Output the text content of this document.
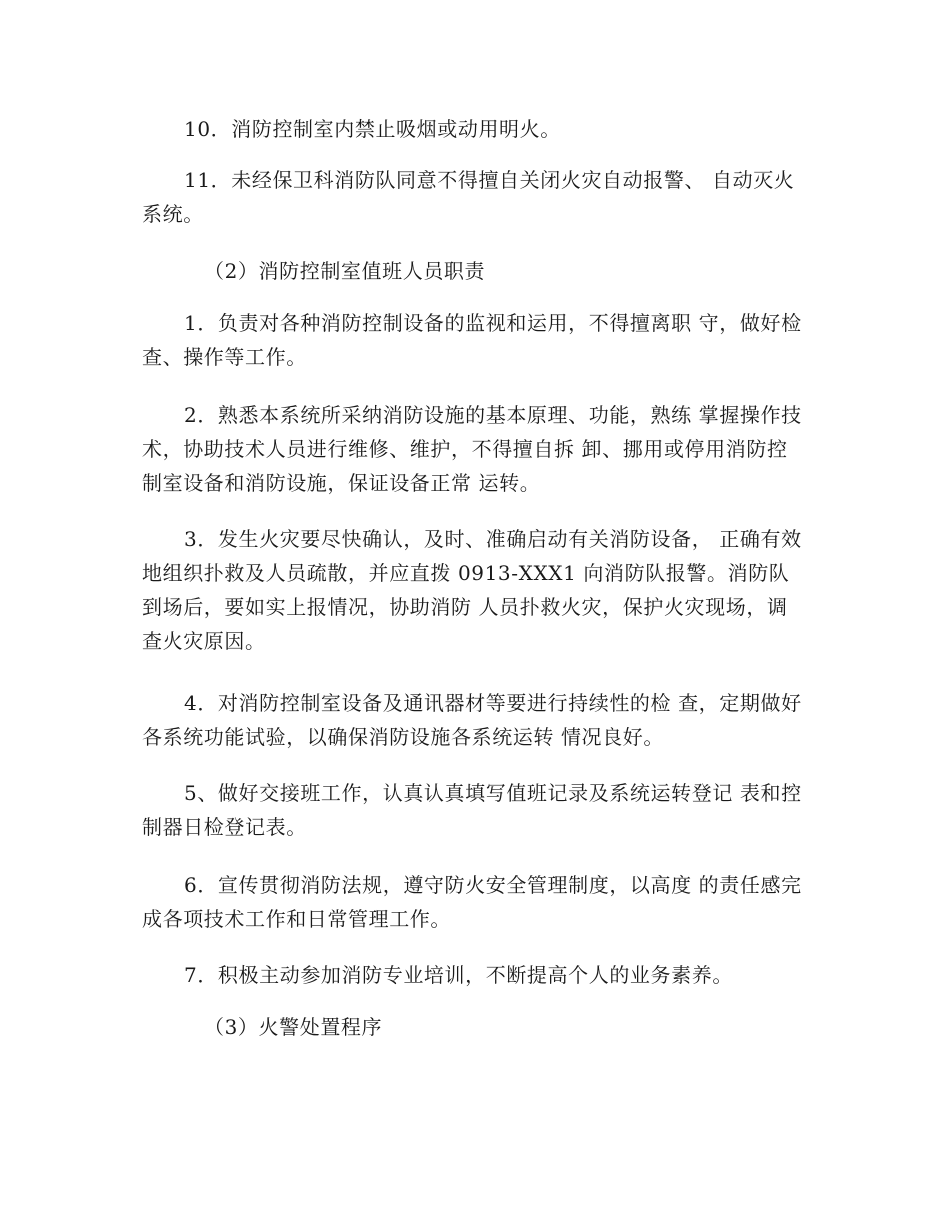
10．消防控制室内禁止吸烟或动用明火。

11．未经保卫科消防队同意不得擅自关闭火灾自动报警、 自动灭火系统。

（2）消防控制室值班人员职责

1．负责对各种消防控制设备的监视和运用，不得擅离职 守，做好检查、操作等工作。

2．熟悉本系统所采纳消防设施的基本原理、功能，熟练 掌握操作技术，协助技术人员进行维修、维护，不得擅自拆 卸、挪用或停用消防控制室设备和消防设施，保证设备正常 运转。

3．发生火灾要尽快确认，及时、准确启动有关消防设备， 正确有效地组织扑救及人员疏散，并应直拨 0913-XXX1 向消防队报警。消防队到场后，要如实上报情况，协助消防 人员扑救火灾，保护火灾现场，调查火灾原因。

4．对消防控制室设备及通讯器材等要进行持续性的检 查，定期做好各系统功能试验，以确保消防设施各系统运转 情况良好。

5、做好交接班工作，认真认真填写值班记录及系统运转登记 表和控制器日检登记表。

6．宣传贯彻消防法规，遵守防火安全管理制度，以高度 的责任感完成各项技术工作和日常管理工作。

7．积极主动参加消防专业培训，不断提高个人的业务素养。

（3）火警处置程序
